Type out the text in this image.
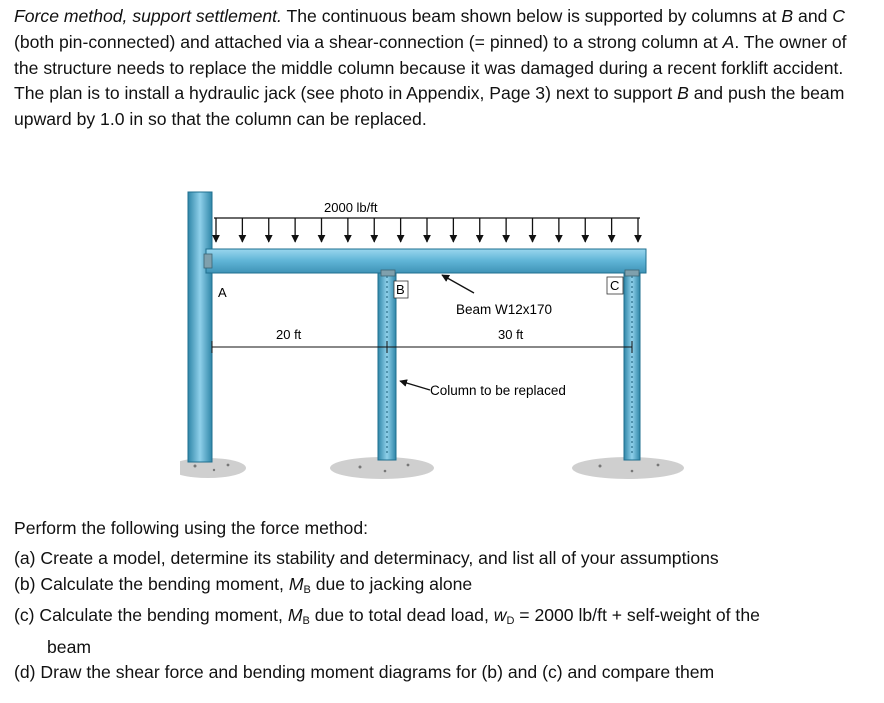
Force method, support settlement. The continuous beam shown below is supported by columns at B and C (both pin-connected) and attached via a shear-connection (= pinned) to a strong column at A. The owner of the structure needs to replace the middle column because it was damaged during a recent forklift accident. The plan is to install a hydraulic jack (see photo in Appendix, Page 3) next to support B and push the beam upward by 1.0 in so that the column can be replaced.

2000 lb/ft
A	B	C
Beam W12x170
20 ft	30 ft
Column to be replaced

Perform the following using the force method:

(a) Create a model, determine its stability and determinacy, and list all of your assumptions
(b) Calculate the bending moment, $M_B$ due to jacking alone
(c) Calculate the bending moment, $M_B$ due to total dead load, $w_D = 2000$ lb/ft + self-weight of the
beam
(d) Draw the shear force and bending moment diagrams for (b) and (c) and compare them
